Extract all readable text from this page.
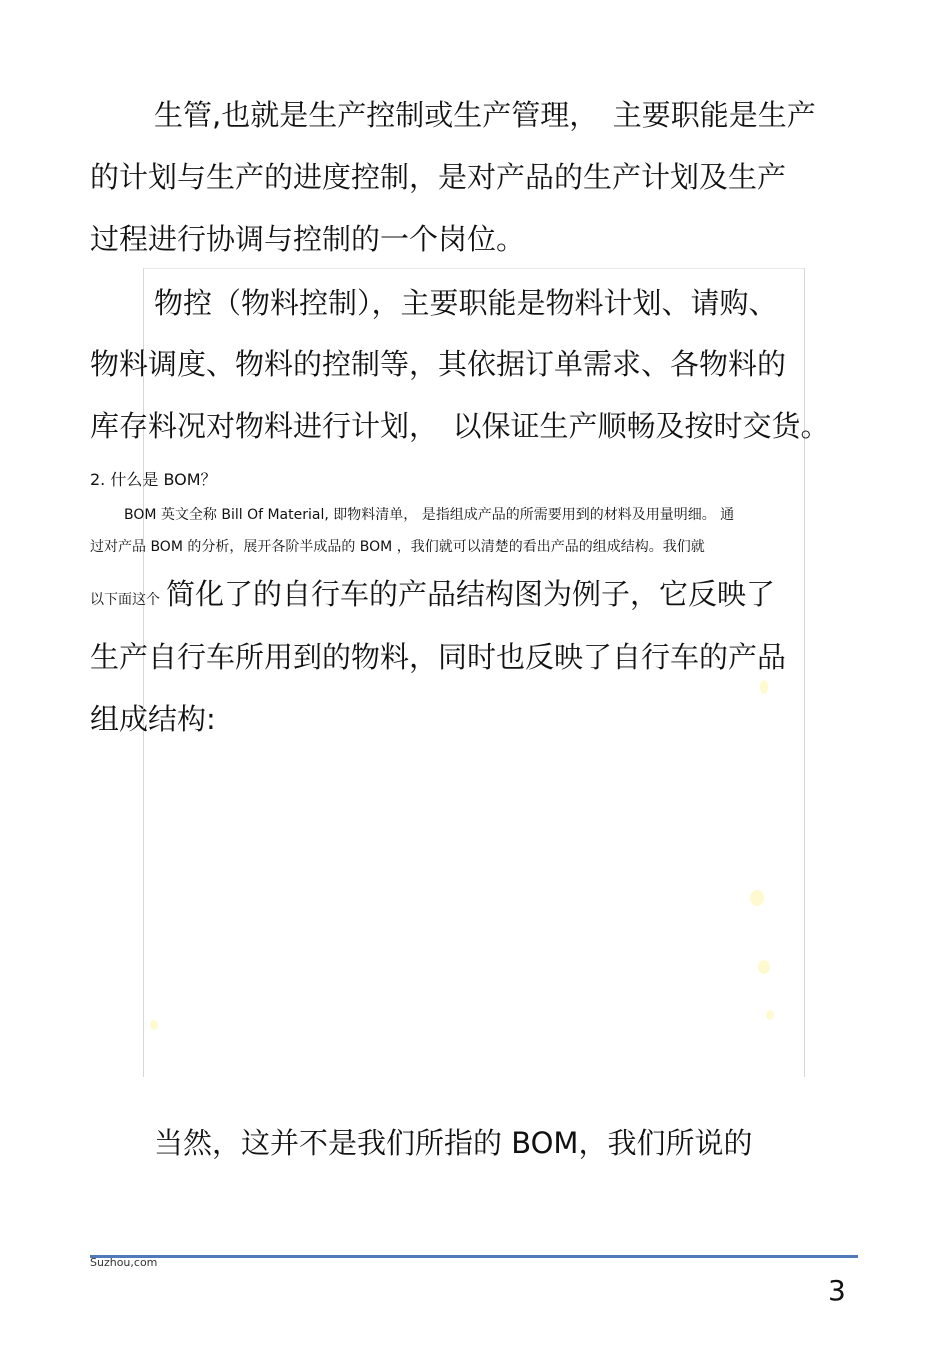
生管,也就是生产控制或生产管理，　主要职能是生产
的计划与生产的进度控制，是对产品的生产计划及生产
过程进行协调与控制的一个岗位。
物控（物料控制），主要职能是物料计划、请购、
物料调度、物料的控制等，其依据订单需求、各物料的
库存料况对物料进行计划，　以保证生产顺畅及按时交货。
2. 什么是 BOM？
BOM 英文全称 Bill Of Material, 即物料清单， 是指组成产品的所需要用到的材料及用量明细。 通
过对产品 BOM 的分析，展开各阶半成品的 BOM ，我们就可以清楚的看出产品的组成结构。我们就
以下面这个 简化了的自行车的产品结构图为例子，它反映了
生产自行车所用到的物料，同时也反映了自行车的产品
组成结构:
当然，这并不是我们所指的 BOM，我们所说的
Suzhou,com
3
